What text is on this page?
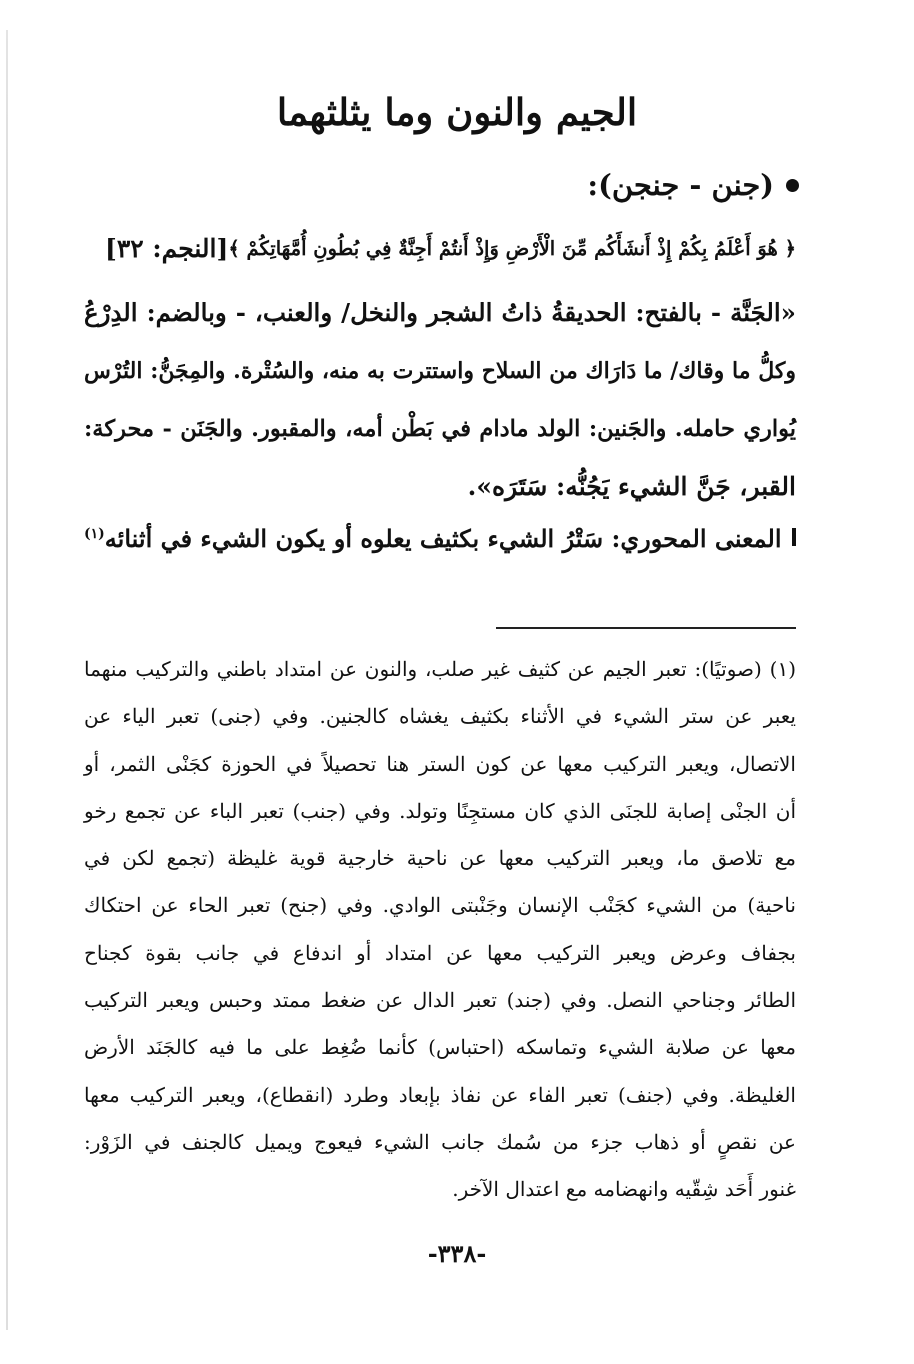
الجيم والنون وما يثلثهما
(جنن - جنجن):
﴿ هُوَ أَعْلَمُ بِكُمْ إِذْ أَنشَأَكُم مِّنَ الْأَرْضِ وَإِذْ أَنتُمْ أَجِنَّةٌ فِي بُطُونِ أُمَّهَاتِكُمْ ﴾
[النجم: ٣٢]
«الجَنَّة - بالفتح: الحديقةُ ذاتُ الشجر والنخل/ والعنب، - وبالضم: الدِرْعُ
وكلُّ ما وقاك/ ما دَارَاك من السلاح واستترت به منه، والسُتْرة. والمِجَنُّ: التُرْس
يُواري حامله. والجَنين: الولد مادام في بَطْن أمه، والمقبور. والجَنَن - محركة:
القبر، جَنَّ الشيء يَجُنُّه: سَتَرَه».
المعنى المحوري: سَتْرُ الشيء بكثيف يعلوه أو يكون الشيء في أثنائه$^{(١)}$
(١) (صوتيًا): تعبر الجيم عن كثيف غير صلب، والنون عن امتداد باطني والتركيب منهما
يعبر عن ستر الشيء في الأثناء بكثيف يغشاه كالجنين. وفي (جنى) تعبر الياء عن
الاتصال، ويعبر التركيب معها عن كون الستر هنا تحصيلاً في الحوزة كجَنْى الثمر، أو
أن الجنْى إصابة للجنَى الذي كان مستجِنًا وتولد. وفي (جنب) تعبر الباء عن تجمع رخو
مع تلاصق ما، ويعبر التركيب معها عن ناحية خارجية قوية غليظة (تجمع لكن في
ناحية) من الشيء كجَنْب الإنسان وجَنْبتى الوادي. وفي (جنح) تعبر الحاء عن احتكاك
بجفاف وعرض ويعبر التركيب معها عن امتداد أو اندفاع في جانب بقوة كجناح
الطائر وجناحي النصل. وفي (جند) تعبر الدال عن ضغط ممتد وحبس ويعبر التركيب
معها عن صلابة الشيء وتماسكه (احتباس) كأنما ضُغِط على ما فيه كالجَنَد الأرض
الغليظة. وفي (جنف) تعبر الفاء عن نفاذ بإبعاد وطرد (انقطاع)، ويعبر التركيب معها
عن نقصٍ أو ذهاب جزء من سُمك جانب الشيء فيعوج ويميل كالجنف في الزَوْر:
غنور أَحَد شِقّيه وانهضامه مع اعتدال الآخر.
-٣٣٨-
